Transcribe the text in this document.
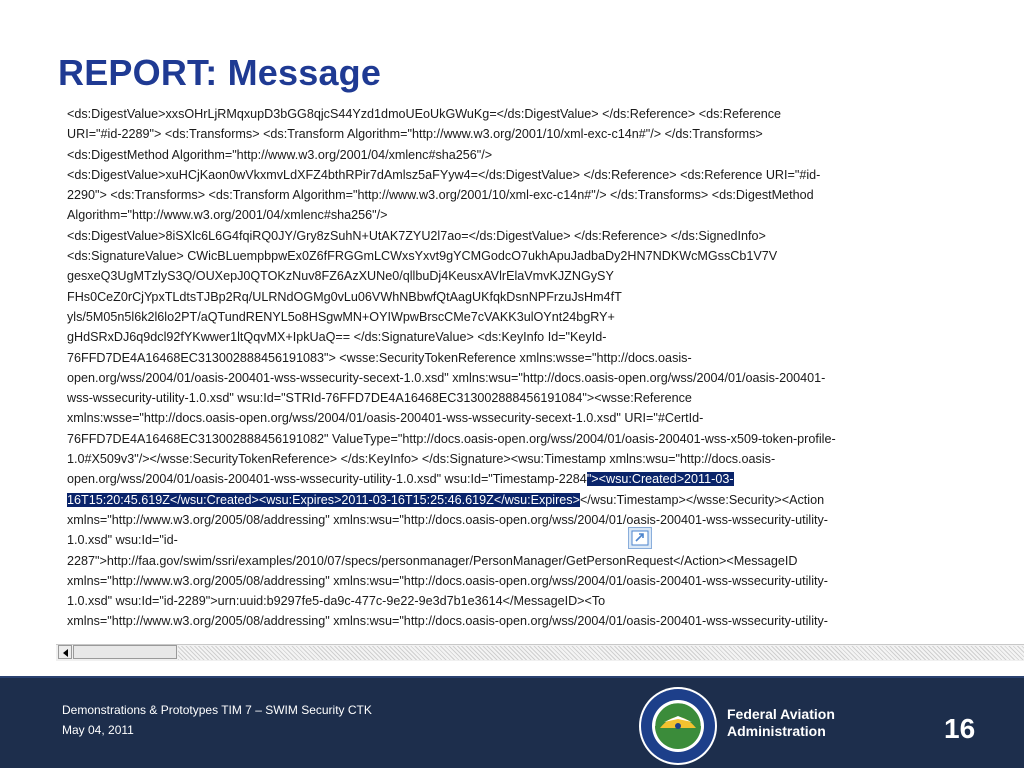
REPORT: Message
<ds:DigestValue>xxsOHrLjRMqxupD3bGG8qjcS44Yzd1dmoUEoUkGWuKg=</ds:DigestValue> </ds:Reference> <ds:Reference
URI="#id-2289"> <ds:Transforms> <ds:Transform Algorithm="http://www.w3.org/2001/10/xml-exc-c14n#"/> </ds:Transforms>
<ds:DigestMethod Algorithm="http://www.w3.org/2001/04/xmlenc#sha256"/>
<ds:DigestValue>xuHCjKaon0wVkxmvLdXFZ4bthRPir7dAmlsz5aFYyw4=</ds:DigestValue> </ds:Reference> <ds:Reference URI="#id-
2290"> <ds:Transforms> <ds:Transform Algorithm="http://www.w3.org/2001/10/xml-exc-c14n#"/> </ds:Transforms> <ds:DigestMethod
Algorithm="http://www.w3.org/2001/04/xmlenc#sha256"/>
<ds:DigestValue>8iSXlc6L6G4fqiRQ0JY/Gry8zSuhN+UtAK7ZYU2l7ao=</ds:DigestValue> </ds:Reference> </ds:SignedInfo>
<ds:SignatureValue> CWicBLuempbpwEx0Z6fFRGGmLCWxsYxvt9gYCMGodcO7ukhApuJadbaDy2HN7NDKWcMGssCb1V7V
gesxeQ3UgMTzlyS3Q/OUXepJ0QTOKzNuv8FZ6AzXUNe0/qllbuDj4KeusxAVlrElaVmvKJZNGySY
FHs0CeZ0rCjYpxTLdtsTJBp2Rq/ULRNdOGMg0vLu06VWhNBbwfQtAagUKfqkDsnNPFrzuJsHm4fT
yls/5M05n5l6k2l6lo2PT/aQTundRENYL5o8HSgwMN+OYIWpwBrscCMe7cVAKK3ulOYnt24bgRY+
gHdSRxDJ6q9dcl92fYKwwer1ltQqvMX+IpkUaQ== </ds:SignatureValue> <ds:KeyInfo Id="KeyId-
76FFD7DE4A16468EC313002888456191083"> <wsse:SecurityTokenReference xmlns:wsse="http://docs.oasis-
open.org/wss/2004/01/oasis-200401-wss-wssecurity-secext-1.0.xsd" xmlns:wsu="http://docs.oasis-open.org/wss/2004/01/oasis-200401-
wss-wssecurity-utility-1.0.xsd" wsu:Id="STRId-76FFD7DE4A16468EC313002888456191084"><wsse:Reference
xmlns:wsse="http://docs.oasis-open.org/wss/2004/01/oasis-200401-wss-wssecurity-secext-1.0.xsd" URI="#CertId-
76FFD7DE4A16468EC313002888456191082" ValueType="http://docs.oasis-open.org/wss/2004/01/oasis-200401-wss-x509-token-profile-
1.0#X509v3"/></wsse:SecurityTokenReference> </ds:KeyInfo> </ds:Signature><wsu:Timestamp xmlns:wsu="http://docs.oasis-
open.org/wss/2004/01/oasis-200401-wss-wssecurity-utility-1.0.xsd" wsu:Id="Timestamp-2284"><wsu:Created>2011-03-
16T15:20:45.619Z</wsu:Created><wsu:Expires>2011-03-16T15:25:46.619Z</wsu:Expires></wsu:Timestamp></wsse:Security><Action
xmlns="http://www.w3.org/2005/08/addressing" xmlns:wsu="http://docs.oasis-open.org/wss/2004/01/oasis-200401-wss-wssecurity-utility-
1.0.xsd" wsu:Id="id-
2287">http://faa.gov/swim/ssri/examples/2010/07/specs/personmanager/PersonManager/GetPersonRequest</Action><MessageID
xmlns="http://www.w3.org/2005/08/addressing" xmlns:wsu="http://docs.oasis-open.org/wss/2004/01/oasis-200401-wss-wssecurity-utility-
1.0.xsd" wsu:Id="id-2289">urn:uuid:b9297fe5-da9c-477c-9e22-9e3d7b1e3614</MessageID><To
xmlns="http://www.w3.org/2005/08/addressing" xmlns:wsu="http://docs.oasis-open.org/wss/2004/01/oasis-200401-wss-wssecurity-utility-
Demonstrations & Prototypes TIM 7 – SWIM Security CTK
May 04, 2011
Federal Aviation
Administration	16
